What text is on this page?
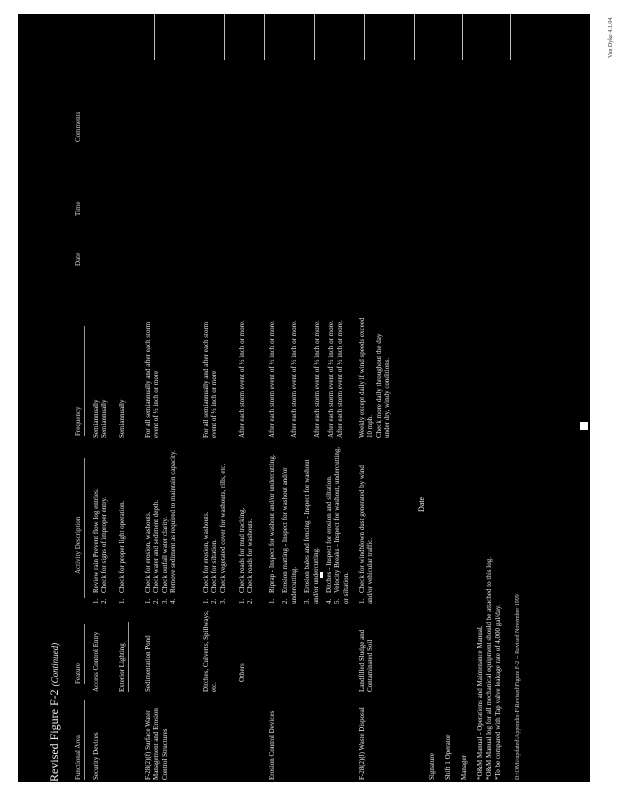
Van Dyke 4.1.04
Revised Figure F-2 (Continued)
Functional Area
Feature
Activity Description
Frequency
Date
Time
Comments
Security Devices
Access Control Entry
1.Review rain Prevent flow log entries.
2.Check for signs of improper entry.
Semiannually Semiannually
Exterior Lighting
1.Check for proper light operation.
Semiannually
F-28(2)(f) Surface Water Management and Erosion Control Structures
Sedimentation Pond
1.Check for erosion, washouts.
2.Check water and sediment depth.
3.Check outfall water clarity.
4.Remove sediment as required to maintain capacity.
For all semiannually and after each storm event of ½ inch or more
Ditches, Culverts, Spillways, etc.
1.Check for erosion, washouts.
2.Check for siltation.
3.Check vegetated cover for washouts, rills, etc.
For all semiannually and after each storm event of ½ inch or more
Others
1.Check roads for mud tracking.
2.Check roads for washouts.
After each storm event of ½ inch or more.
Erosion Control Devices
1.Riprap - Inspect for washout and/or undercutting.
2.Erosion matting - Inspect for washout and/or undercutting. 3.Erosion bales and fencing - Inspect for washout and/or undercutting. 4.Ditches - Inspect for erosion and siltation.
5.Velocity Breaks - Inspect for washout, undercutting, or siltation.
After each storm event of ½ inch or more. After each storm event of ½ inch or more. After each storm event of ½ inch or more. After each storm event of ½ inch or more. After each storm event of ½ inch or more.
F-28(2)(l) Waste Disposal
Landfilled Sludge and Contaminated Soil
1.Check for windblown dust generated by wind and/or vehicular traffic.
Weekly except daily if wind speeds exceed 10 mph. Check more daily throughout the day under dry, windy conditions.
Signature
Date
Shift 1 Operator Manager *O&M Manual - Operations and Maintenance Manual. *O&M Manual log for all mechanical equipment should be attached to this log. *To be compared with Tap valve leakage rate of 4,000 gal/day. D:\OMs\updated\Appendix-F\Revised\Figure F-2 -- Revised November 1999
